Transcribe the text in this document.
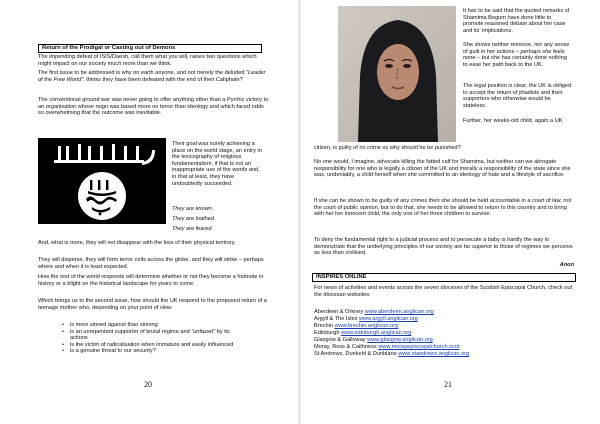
Return of the Prodigal or Casting out of Demons

The impending defeat of ISIS/Daesh, call them what you will, raises two questions which might impact on our society much more than we think.

The first issue to be addressed is why on earth anyone, and not merely the deluded "Leader of the Free World", thinks they have been defeated with the end of their Caliphate?

The conventional ground war was never going to offer anything other than a Pyrrhic victory to an organisation whose reign was based more on terror than ideology and which faced odds so overwhelming that the outcome was inevitable.

Their goal was surely achieving a place on the world stage, an entry in the lexicography of religious fundamentalism, if that is not an inappropriate use of the words and, in that at least, they have undoubtedly succeeded.

They are known.

They are loathed.

They are feared.

And, what is more, they will not disappear with the loss of their physical territory.

They will disperse, they will form terror cells across the globe, and they will strike – perhaps where and when it is least expected.

How the rest of the world responds will determine whether or not they become a footnote in history or a blight on the historical landscape for years to come.

Which brings us to the second issue, how should the UK respond to the proposed return of a teenage mother who, depending on your point of view:

• is more sinned against than sinning
• is an unrepentant supporter of brutal regime and "unfazed" by its
actions
• is the victim of radicalisation when immature and easily influenced
• is a genuine threat to our security?
20

It has to be said that the quoted remarks of Shamima Begum have done little to promote reasoned debate about her case and its' implications.

She shows neither remorse, nor any sense of guilt in her actions – perhaps she feels none – but she has certainly done nothing to ease her path back to the UK.

The legal position is clear, the UK is obliged to accept the return of jihadists and their supporters who otherwise would be stateless.

Further, her weeks-old child, again a UK

citizen, is guilty of no crime so why should he be punished?

No one would, I imagine, advocate killing the fatted calf for Shamima, but neither can we abrogate responsibility for one who is legally a citizen of the UK and morally a responsibility of the state since she was, undeniably, a child herself when she committed to an ideology of hate and a lifestyle of sacrifice.

If she can be shown to be guilty of any crimes then she should be held accountable in a court of law, not the court of public opinion, but to do that, she needs to be allowed to return to this country and to bring with her her innocent child, the only one of her three children to survive.

To deny the fundamental right to a judicial process and to persecute a baby is hardly the way to demonstrate that the underlying principles of our society are far superior to those of regimes we perceive as less than civilised.

Anon

INSPIRES ONLINE

For news of activities and events across the seven dioceses of the Scottish Episcopal Church, check out the diocesan websites:

Aberdeen & Orkney www.aberdeen.anglican.org
Argyll & The Isles www.argyll.anglican.org
Brechin www.brechin.anglican.org
Edinburgh www.edinburgh.anglican.org
Glasgow & Galloway www.glasgow.anglican.org
Moray, Ross & Caithness www.morayepiscopalchurch.scot
St Andrews, Dunkeld & Dunblane www.standrews.anglican.org
21
